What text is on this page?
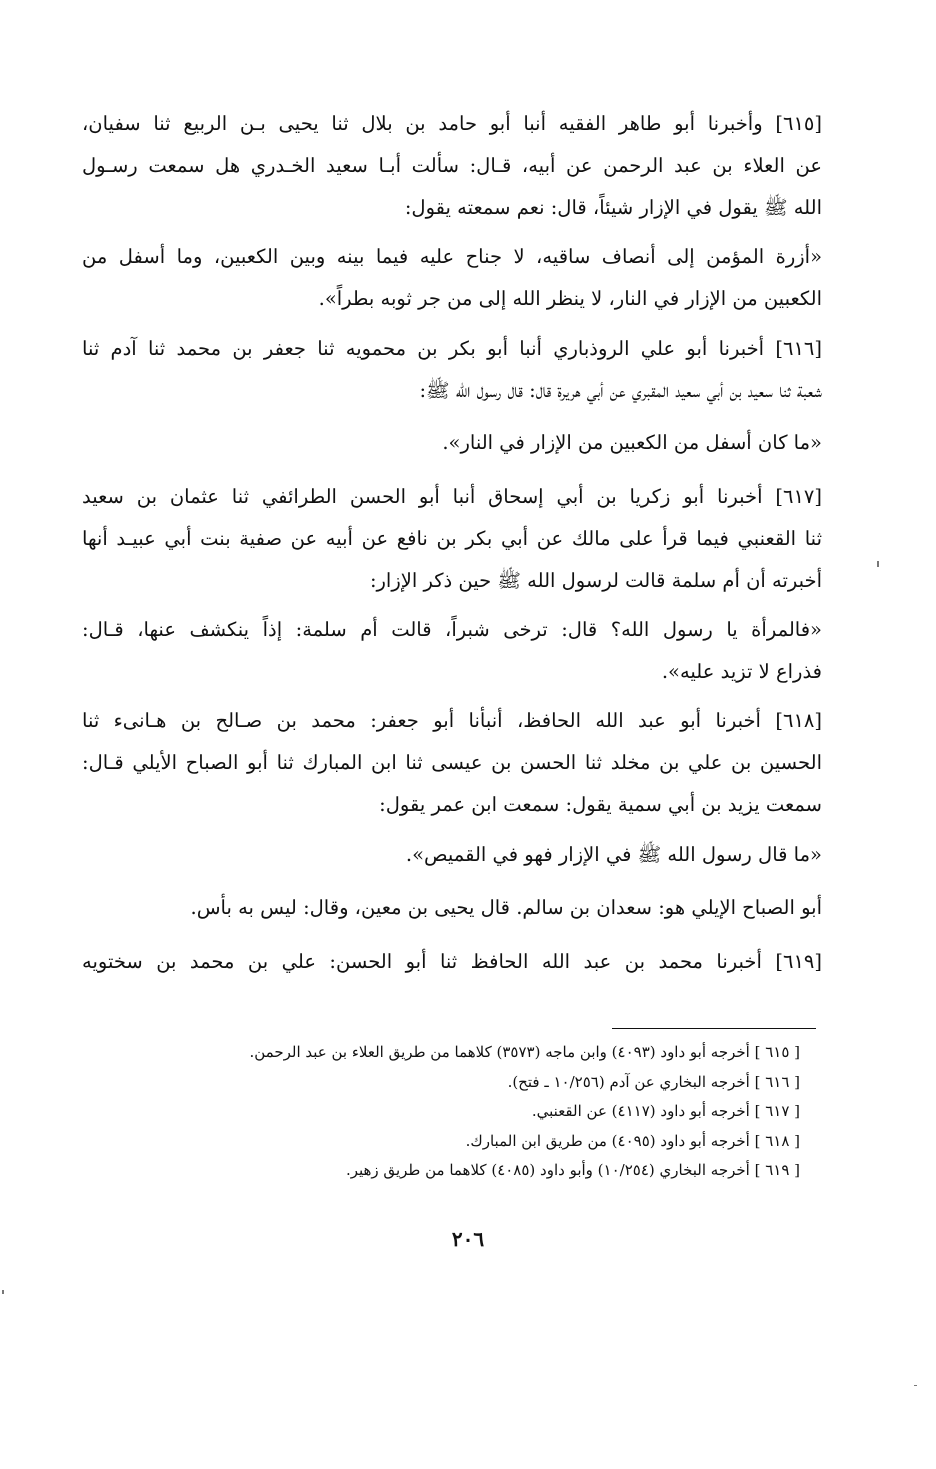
[٦١٥] وأخبرنا أبو طاهر الفقيه أنبا أبو حامد بن بلال ثنا يحيى بـن الربيع ثنا سفيان،
عن العلاء بن عبد الرحمن عن أبيه، قـال: سألت أبـا سعيد الخـدري هل سمعت رسـول
الله ﷺ يقول في الإزار شيئاً، قال: نعم سمعته يقول:
«أزرة المؤمن إلى أنصاف ساقيه، لا جناح عليه فيما بينه وبين الكعبين، وما أسفل من
الكعبين من الإزار في النار، لا ينظر الله إلى من جر ثوبه بطراً».
[٦١٦] أخبرنا أبو علي الروذباري أنبا أبو بكر بن محمويه ثنا جعفر بن محمد ثنا آدم ثنا
شعبة ثنا سعيد بن أبي سعيد المقبري عن أبي هريرة قال: قال رسول الله ﷺ:
«ما كان أسفل من الكعبين من الإزار في النار».
[٦١٧] أخبرنا أبو زكريا بن أبي إسحاق أنبا أبو الحسن الطرائفي ثنا عثمان بن سعيد
ثنا القعنبي فيما قرأ على مالك عن أبي بكر بن نافع عن أبيه عن صفية بنت أبي عبيـد أنها
أخبرته أن أم سلمة قالت لرسول الله ﷺ حين ذكر الإزار:
«فالمرأة يا رسول الله؟ قال: ترخى شبراً، قالت أم سلمة: إذاً ينكشف عنها، قـال:
فذراع لا تزيد عليه».
[٦١٨] أخبرنا أبو عبد الله الحافظ، أنبأنا أبو جعفر: محمد بن صـالح بن هـانىء ثنا
الحسين بن علي بن مخلد ثنا الحسن بن عيسى ثنا ابن المبارك ثنا أبو الصباح الأيلي قـال:
سمعت يزيد بن أبي سمية يقول: سمعت ابن عمر يقول:
«ما قال رسول الله ﷺ في الإزار فهو في القميص».
أبو الصباح الإيلي هو: سعدان بن سالم. قال يحيى بن معين، وقال: ليس به بأس.
[٦١٩] أخبرنا محمد بن عبد الله الحافظ ثنا أبو الحسن: علي بن محمد بن سختويه
[ ٦١٥ ] أخرجه أبو داود (٤٠٩٣) وابن ماجه (٣٥٧٣) كلاهما من طريق العلاء بن عبد الرحمن.
[ ٦١٦ ] أخرجه البخاري عن آدم (١٠/٢٥٦ ـ فتح).
[ ٦١٧ ] أخرجه أبو داود (٤١١٧) عن القعنبي.
[ ٦١٨ ] أخرجه أبو داود (٤٠٩٥) من طريق ابن المبارك.
[ ٦١٩ ] أخرجه البخاري (١٠/٢٥٤) وأبو داود (٤٠٨٥) كلاهما من طريق زهير.
٢٠٦
